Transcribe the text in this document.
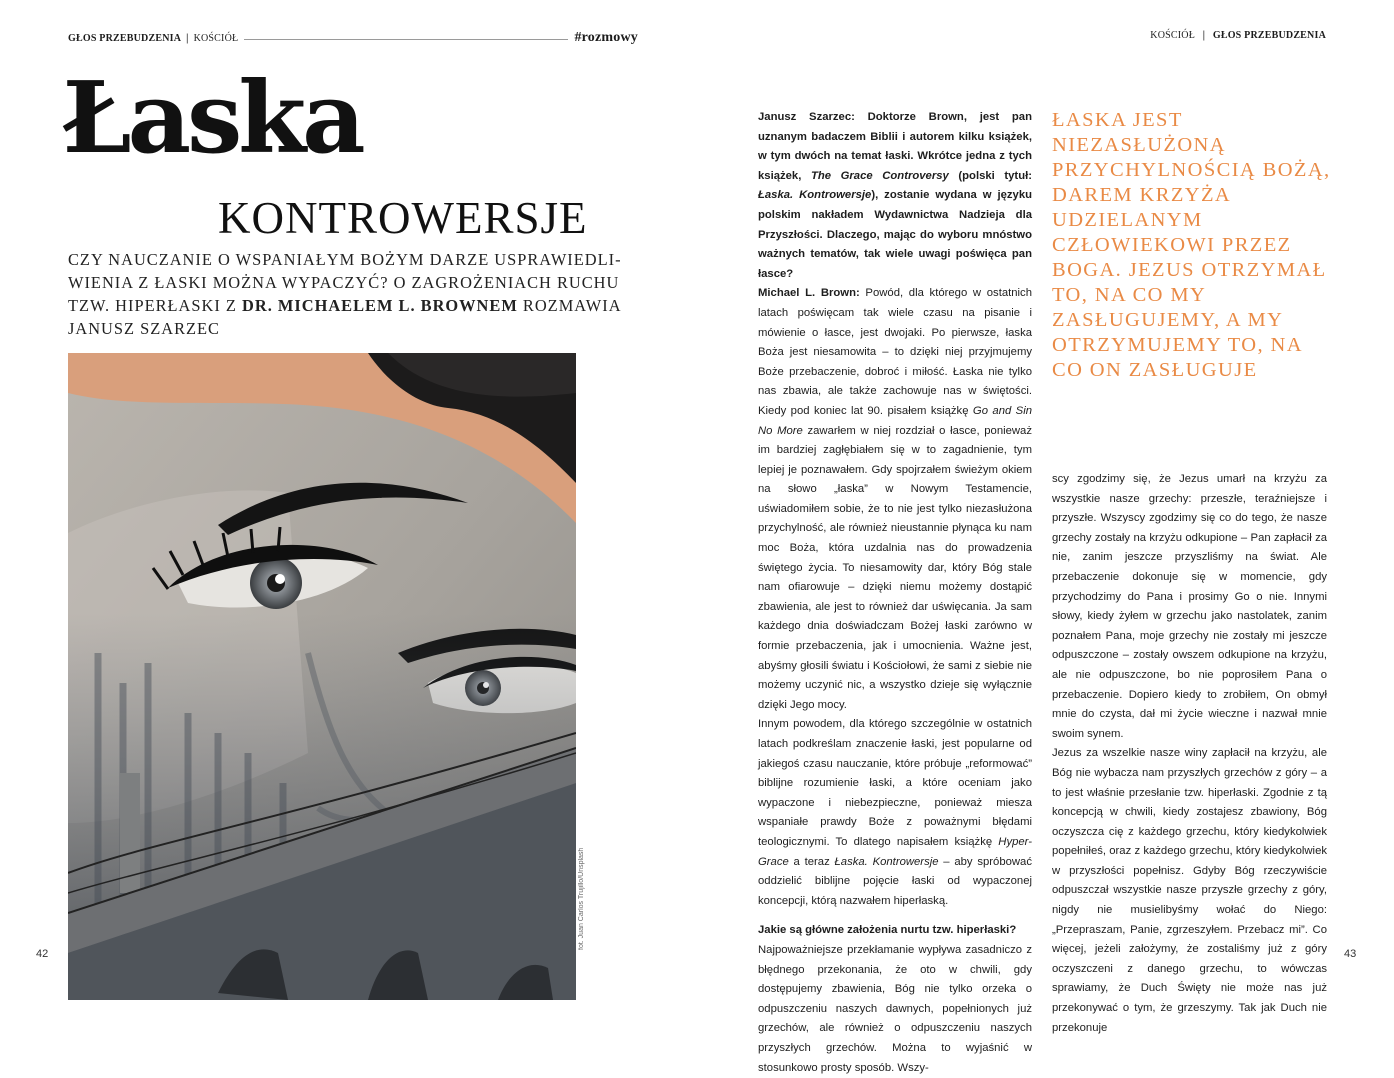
GŁOS PRZEBUDZENIA | KOŚCIÓŁ	#rozmowy	KOŚCIÓŁ | GŁOS PRZEBUDZENIA
Łaska
KONTROWERSJE
CZY NAUCZANIE O WSPANIAŁYM BOŻYM DARZE USPRAWIEDLIWIENIA Z ŁASKI MOŻNA WYPACZYĆ? O ZAGROŻENIACH RUCHU TZW. HIPERŁASKI Z DR. MICHAELEM L. BROWNEM ROZMAWIA JANUSZ SZARZEC
fot. Juan Carlos Trujillo/Unsplash
42	43

Janusz Szarzec: Doktorze Brown, jest pan uznanym badaczem Biblii i autorem kilku książek, w tym dwóch na temat łaski. Wkrótce jedna z tych książek, The Grace Controversy (polski tytuł: Łaska. Kontrowersje), zostanie wydana w języku polskim nakładem Wydawnictwa Nadzieja dla Przyszłości. Dlaczego, mając do wyboru mnóstwo ważnych tematów, tak wiele uwagi poświęca pan łasce?

Michael L. Brown: Powód, dla którego w ostatnich latach poświęcam tak wiele czasu na pisanie i mówienie o łasce, jest dwojaki. Po pierwsze, łaska Boża jest niesamowita – to dzięki niej przyjmujemy Boże przebaczenie, dobroć i miłość. Łaska nie tylko nas zbawia, ale także zachowuje nas w świętości. Kiedy pod koniec lat 90. pisałem książkę Go and Sin No More zawarłem w niej rozdział o łasce, ponieważ im bardziej zagłębiałem się w to zagadnienie, tym lepiej je poznawałem. Gdy spojrzałem świeżym okiem na słowo „łaska” w Nowym Testamencie, uświadomiłem sobie, że to nie jest tylko niezasłużona przychylność, ale również nieustannie płynąca ku nam moc Boża, która uzdalnia nas do prowadzenia świętego życia. To niesamowity dar, który Bóg stale nam ofiarowuje – dzięki niemu możemy dostąpić zbawienia, ale jest to również dar uświęcania. Ja sam każdego dnia doświadczam Bożej łaski zarówno w formie przebaczenia, jak i umocnienia. Ważne jest, abyśmy głosili światu i Kościołowi, że sami z siebie nie możemy uczynić nic, a wszystko dzieje się wyłącznie dzięki Jego mocy.

Innym powodem, dla którego szczególnie w ostatnich latach podkreślam znaczenie łaski, jest popularne od jakiegoś czasu nauczanie, które próbuje „reformować” biblijne rozumienie łaski, a które oceniam jako wypaczone i niebezpieczne, ponieważ miesza wspaniałe prawdy Boże z poważnymi błędami teologicznymi. To dlatego napisałem książkę Hyper-Grace a teraz Łaska. Kontrowersje – aby spróbować oddzielić biblijne pojęcie łaski od wypaczonej koncepcji, którą nazwałem hiperłaską.

Jakie są główne założenia nurtu tzw. hiperłaski?

Najpoważniejsze przekłamanie wypływa zasadniczo z błędnego przekonania, że oto w chwili, gdy dostępujemy zbawienia, Bóg nie tylko orzeka o odpuszczeniu naszych dawnych, popełnionych już grzechów, ale również o odpuszczeniu naszych przyszłych grzechów. Można to wyjaśnić w stosunkowo prosty sposób. Wszy-

ŁASKA JEST NIEZASŁUŻONĄ PRZYCHYLNOŚCIĄ BOŻĄ, DAREM KRZYŻA UDZIELANYM CZŁOWIEKOWI PRZEZ BOGA. JEZUS OTRZYMAŁ TO, NA CO MY ZASŁUGUJEMY, A MY OTRZYMUJEMY TO, NA CO ON ZASŁUGUJE

scy zgodzimy się, że Jezus umarł na krzyżu za wszystkie nasze grzechy: przeszłe, teraźniejsze i przyszłe. Wszyscy zgodzimy się co do tego, że nasze grzechy zostały na krzyżu odkupione – Pan zapłacił za nie, zanim jeszcze przyszliśmy na świat. Ale przebaczenie dokonuje się w momencie, gdy przychodzimy do Pana i prosimy Go o nie. Innymi słowy, kiedy żyłem w grzechu jako nastolatek, zanim poznałem Pana, moje grzechy nie zostały mi jeszcze odpuszczone – zostały owszem odkupione na krzyżu, ale nie odpuszczone, bo nie poprosiłem Pana o przebaczenie. Dopiero kiedy to zrobiłem, On obmył mnie do czysta, dał mi życie wieczne i nazwał mnie swoim synem.

Jezus za wszelkie nasze winy zapłacił na krzyżu, ale Bóg nie wybacza nam przyszłych grzechów z góry – a to jest właśnie przesłanie tzw. hiperłaski. Zgodnie z tą koncepcją w chwili, kiedy zostajesz zbawiony, Bóg oczyszcza cię z każdego grzechu, który kiedykolwiek popełniłeś, oraz z każdego grzechu, który kiedykolwiek w przyszłości popełnisz. Gdyby Bóg rzeczywiście odpuszczał wszystkie nasze przyszłe grzechy z góry, nigdy nie musielibyśmy wołać do Niego: „Przepraszam, Panie, zgrzeszyłem. Przebacz mi”. Co więcej, jeżeli założymy, że zostaliśmy już z góry oczyszczeni z danego grzechu, to wówczas sprawiamy, że Duch Święty nie może nas już przekonywać o tym, że grzeszymy. Tak jak Duch nie przekonuje
